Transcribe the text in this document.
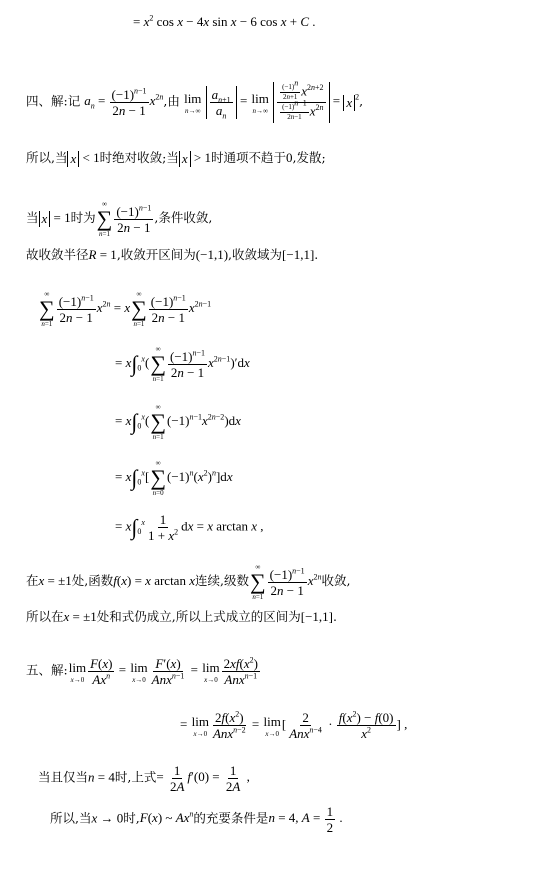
= $x^2$ cos x − 4x sin x − 6 cos x + C .
四、解:记 $a_n = \frac{(-1)^{n-1}}{2n - 1} x^{2n}$,由 lim
n→∞
$\frac{a_{n+1}}{a_n} = \lim$
n→∞
$\frac{\frac{(-1)^n}{2n+1} x^{2n+2}}{\frac{(-1)^{n-1}}{2n-1} x^{2n}} = x$ $^2$,
所以,当 x < 1时绝对收敛;当 x > 1时通项不趋于0,发散;
当 x = 1时为
∞
∑
$n=1 \frac{(-1)^{n-1}}{2n - 1}$ ,条件收敛,
故收敛半径R = 1,收敛开区间为(−1,1),收敛域为[−1,1].
∞
∑
$n=1 \frac{(-1)^{n-1}}{2n - 1} x^{2n} = x$
∞
∑
$n=1 \frac{(-1)^{n-1}}{2n - 1} x^{2n-1}$
= $x\int_0^x$(
∞
∑
$n=1 \frac{(-1)^{n-1}}{2n - 1} x^{2n-1})'dx$
= $x\int_0^x$(
∞
∑
n=1
$(-1)^{n-1}x^{2n-2})dx$
= $x\int_0^x$[
∞
∑
n=0
$(-1)^n(x^2)^n]dx$
= $x\int_0^x \frac{1}{1 + x^2}$ dx = x arctan x ,
在x = ±1处,函数f(x) = x arctan x连续,级数
∞
∑
$n=1 \frac{(-1)^{n-1}}{2n - 1} x^{2n}$收敛,
所以在x = ±1处和式仍成立,所以上式成立的区间为[−1,1].
五、解: lim
$x\to 0 \frac{F(x)}{Ax^n} = \lim$
$x\to 0 \frac{F'(x)}{Anx^{n-1}} = \lim$
$x\to 0 \frac{2xf(x^2)}{Anx^{n-1}}$
= lim
$x\to 0 \frac{2f(x^2)}{Anx^{n-2}} = \lim$
x→0
[ $\frac{2}{Anx^{n-4}} \cdot \frac{f(x^2) - f(0)}{x^2}$ ] ,
当且仅当n = 4时,上式= $\frac{1}{2A} f'(0) = \frac{1}{2A}$ ,
所以,当x → 0时,F(x) ~ Ax$^n$的充要条件是n = 4, $A = \frac{1}{2}$ .
